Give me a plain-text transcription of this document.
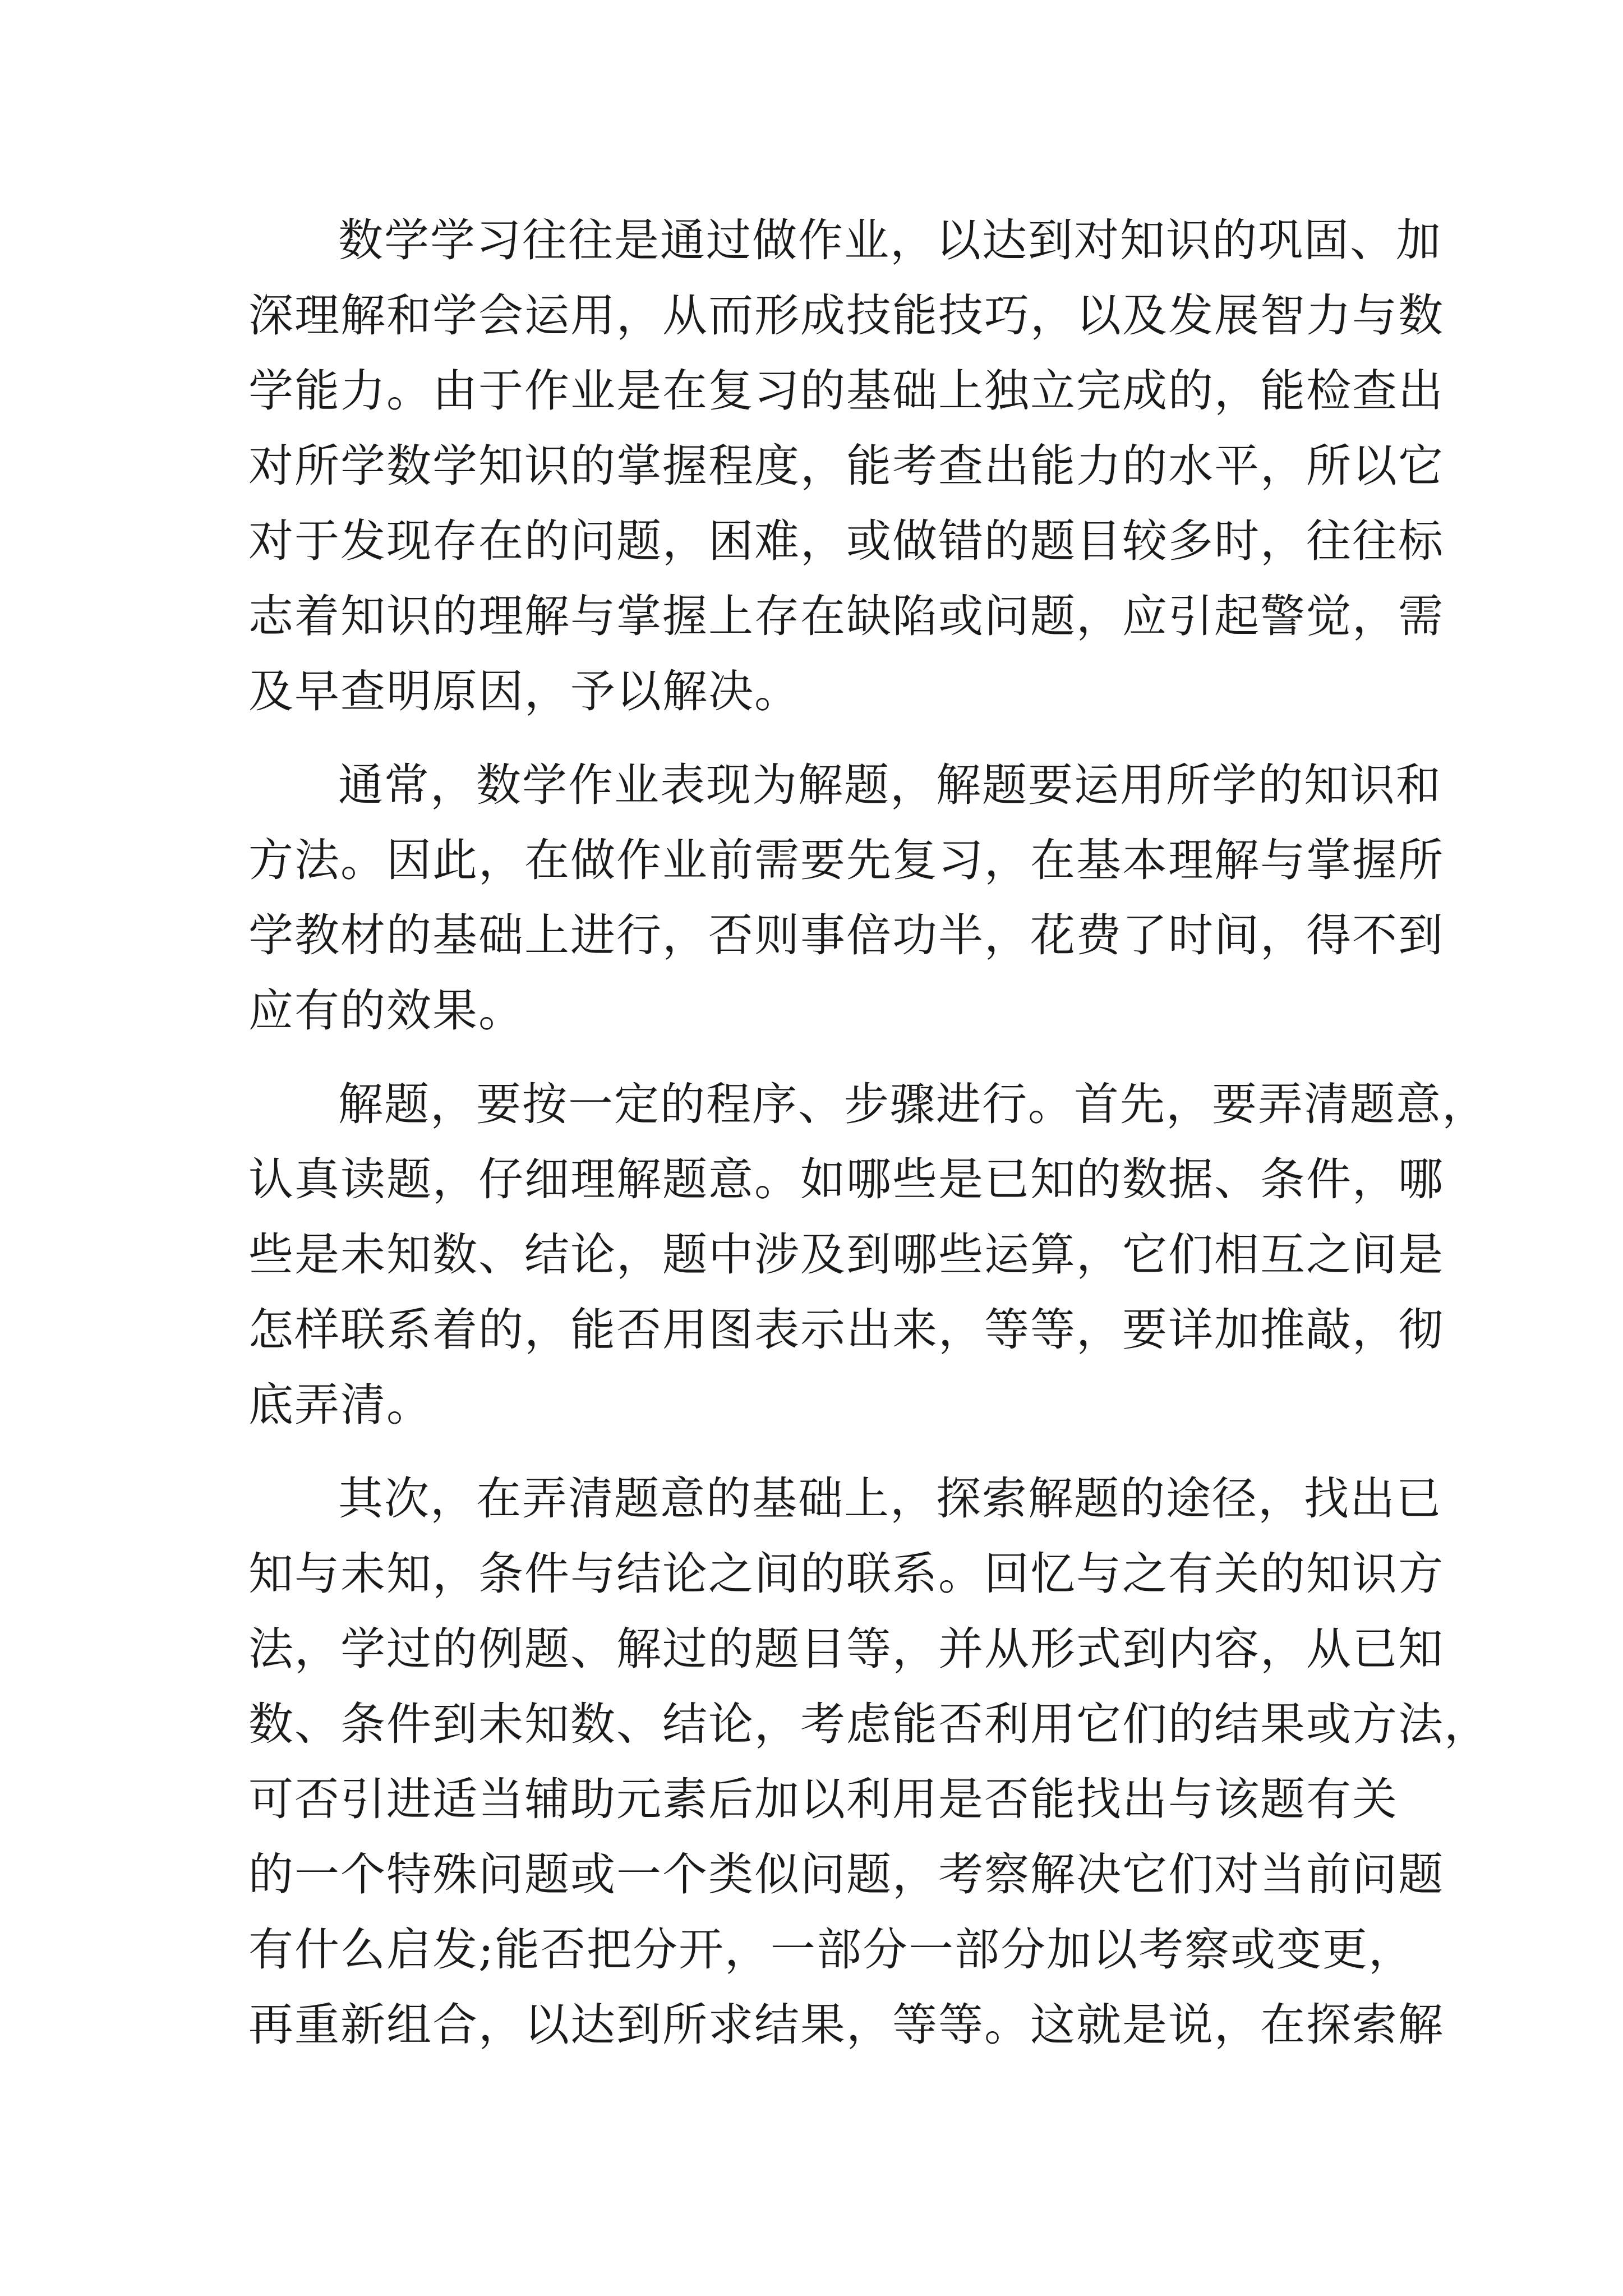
数学学习往往是通过做作业，以达到对知识的巩固、加
深理解和学会运用，从而形成技能技巧，以及发展智力与数
学能力。由于作业是在复习的基础上独立完成的，能检查出
对所学数学知识的掌握程度，能考查出能力的水平，所以它
对于发现存在的问题，困难，或做错的题目较多时，往往标
志着知识的理解与掌握上存在缺陷或问题，应引起警觉，需
及早查明原因，予以解决。

通常，数学作业表现为解题，解题要运用所学的知识和
方法。因此，在做作业前需要先复习，在基本理解与掌握所
学教材的基础上进行，否则事倍功半，花费了时间，得不到
应有的效果。

解题，要按一定的程序、步骤进行。首先，要弄清题意，
认真读题，仔细理解题意。如哪些是已知的数据、条件，哪
些是未知数、结论，题中涉及到哪些运算，它们相互之间是
怎样联系着的，能否用图表示出来，等等，要详加推敲，彻
底弄清。

其次，在弄清题意的基础上，探索解题的途径，找出已
知与未知，条件与结论之间的联系。回忆与之有关的知识方
法，学过的例题、解过的题目等，并从形式到内容，从已知
数、条件到未知数、结论，考虑能否利用它们的结果或方法，
可否引进适当辅助元素后加以利用是否能找出与该题有关
的一个特殊问题或一个类似问题，考察解决它们对当前问题
有什么启发;能否把分开，一部分一部分加以考察或变更，
再重新组合，以达到所求结果，等等。这就是说，在探索解
